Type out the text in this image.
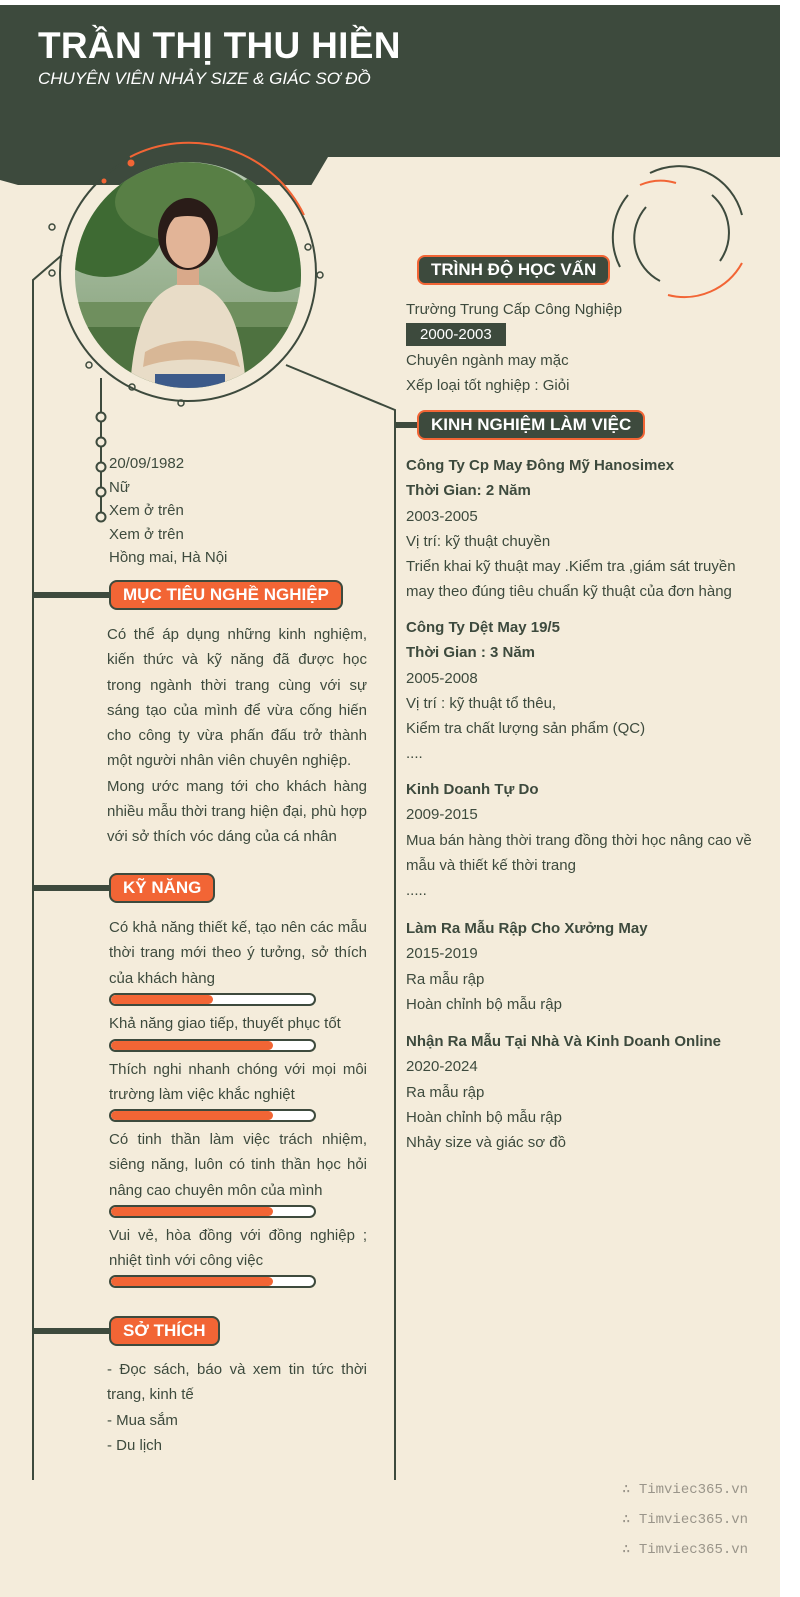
TRẦN THỊ THU HIỀN
CHUYÊN VIÊN NHẢY SIZE & GIÁC SƠ ĐỒ
20/09/1982
Nữ
Xem ở trên
Xem ở trên
Hồng mai, Hà Nội
MỤC TIÊU NGHỀ NGHIỆP
Có thể áp dụng những kinh nghiệm, kiến thức và kỹ năng đã được học trong ngành thời trang cùng với sự sáng tạo của mình để vừa cống hiến cho công ty vừa phấn đấu trở thành một người nhân viên chuyên nghiệp.
Mong ước mang tới cho khách hàng nhiều mẫu thời trang hiện đại, phù hợp với sở thích vóc dáng của cá nhân
KỸ NĂNG
Có khả năng thiết kế, tạo nên các mẫu thời trang mới theo ý tưởng, sở thích của khách hàng
Khả năng giao tiếp, thuyết phục tốt
Thích nghi nhanh chóng với mọi môi trường làm việc khắc nghiệt
Có tinh thần làm việc trách nhiệm, siêng năng, luôn có tinh thần học hỏi nâng cao chuyên môn của mình
Vui vẻ, hòa đồng với đồng nghiệp ; nhiệt tình với công việc
SỞ THÍCH
- Đọc sách, báo và xem tin tức thời trang, kinh tế
- Mua sắm
- Du lịch
TRÌNH ĐỘ HỌC VẤN
Trường Trung Cấp Công Nghiệp
2000-2003
Chuyên ngành may mặc
Xếp loại tốt nghiệp : Giỏi
KINH NGHIỆM LÀM VIỆC
Công Ty Cp May Đông Mỹ Hanosimex
Thời Gian: 2 Năm
2003-2005
Vị trí: kỹ thuật chuyền
Triển khai kỹ thuật may .Kiểm tra ,giám sát truyền may theo đúng tiêu chuẩn kỹ thuật của đơn hàng
Công Ty Dệt May 19/5
Thời Gian : 3 Năm
2005-2008
Vị trí : kỹ thuật tổ thêu,
Kiểm tra chất lượng sản phẩm (QC)
....
Kinh Doanh Tự Do
2009-2015
Mua bán hàng thời trang đồng thời học nâng cao về mẫu và thiết kế thời trang
.....
Làm Ra Mẫu Rập Cho Xưởng May
2015-2019
Ra mẫu rập
Hoàn chỉnh bộ mẫu rập
Nhận Ra Mẫu Tại Nhà Và Kinh Doanh Online
2020-2024
Ra mẫu rập
Hoàn chỉnh bộ mẫu rập
Nhảy size và giác sơ đồ
∴ Timviec365.vn
∴ Timviec365.vn
∴ Timviec365.vn
